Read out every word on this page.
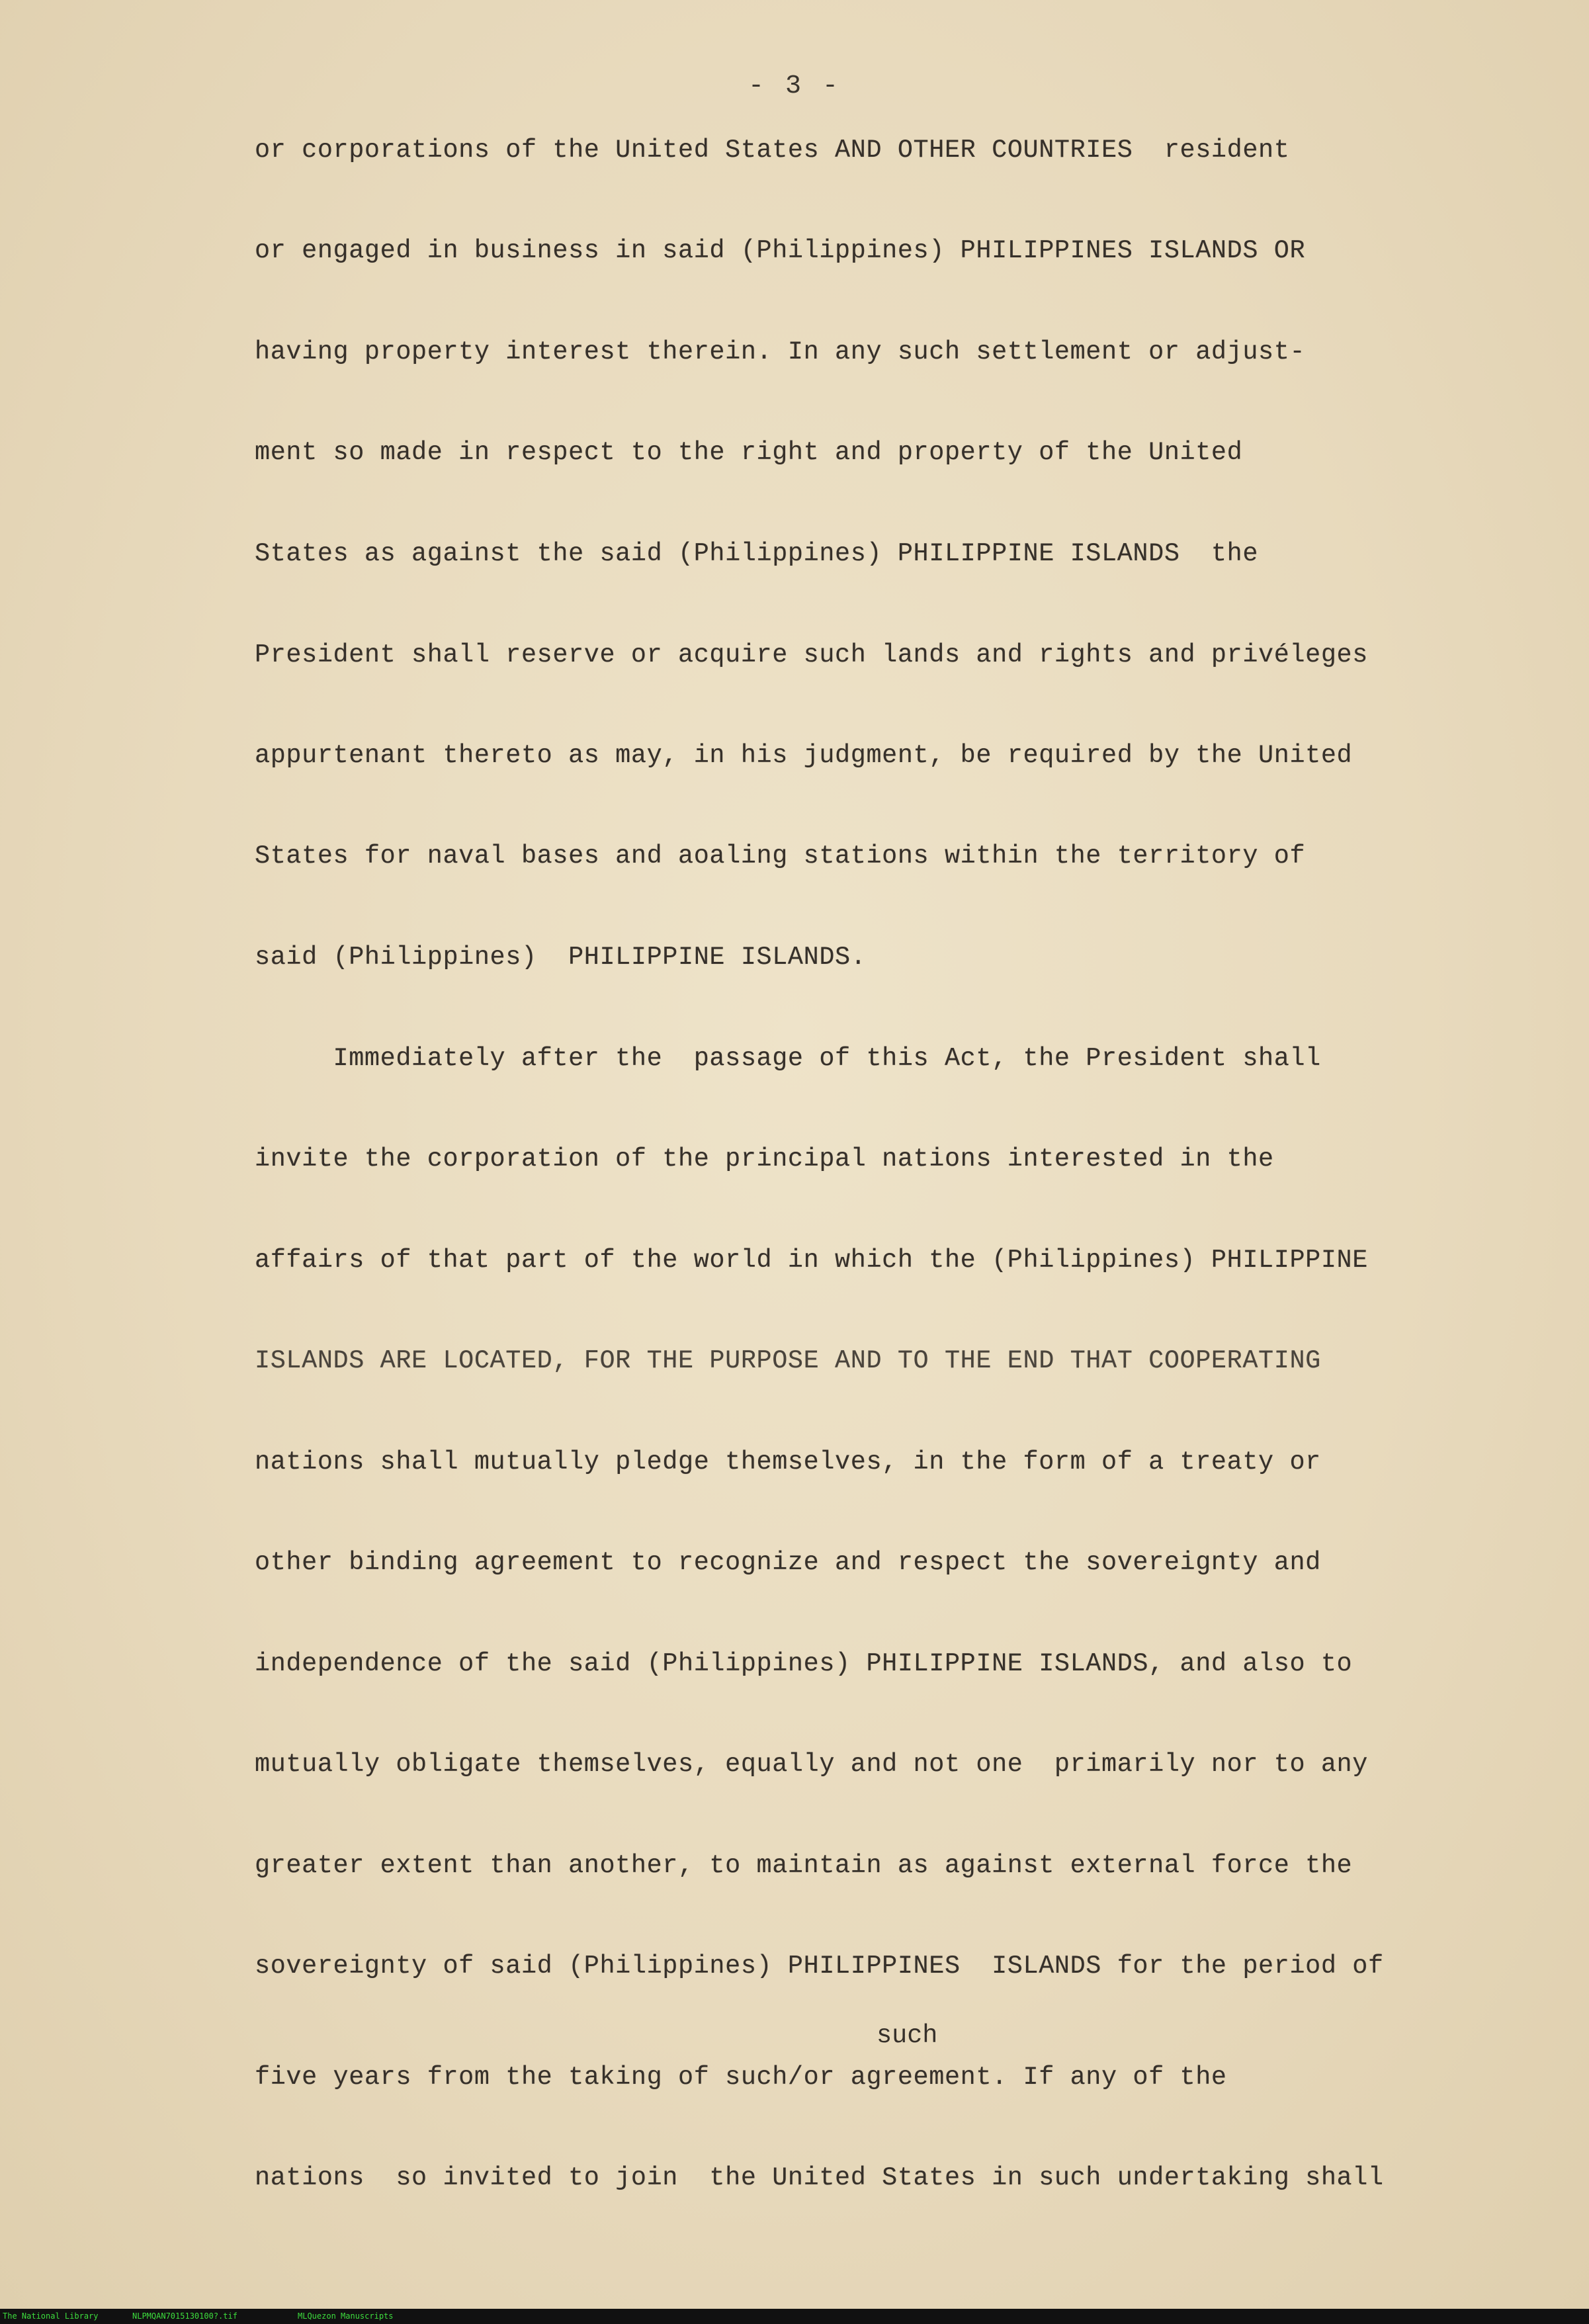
- 3 -
or corporations of the United States AND OTHER COUNTRIES  resident
or engaged in business in said (Philippines) PHILIPPINES ISLANDS OR
having property interest therein. In any such settlement or adjust-
ment so made in respect to the right and property of the United
States as against the said (Philippines) PHILIPPINE ISLANDS  the
President shall reserve or acquire such lands and rights and privéleges
appurtenant thereto as may, in his judgment, be required by the United
States for naval bases and aoaling stations within the territory of
said (Philippines)  PHILIPPINE ISLANDS.
Immediately after the  passage of this Act, the President shall
invite the corporation of the principal nations interested in the
affairs of that part of the world in which the (Philippines) PHILIPPINE
ISLANDS ARE LOCATED, FOR THE PURPOSE AND TO THE END THAT COOPERATING
nations shall mutually pledge themselves, in the form of a treaty or
other binding agreement to recognize and respect the sovereignty and
independence of the said (Philippines) PHILIPPINE ISLANDS, and also to
mutually obligate themselves, equally and not one  primarily nor to any
greater extent than another, to maintain as against external force the
sovereignty of said (Philippines) PHILIPPINES  ISLANDS for the period of
such
five years from the taking of such/or agreement. If any of the
nations  so invited to join  the United States in such undertaking shall
The National Library	NLPMQAN7015130100?.tif	MLQuezon Manuscripts
